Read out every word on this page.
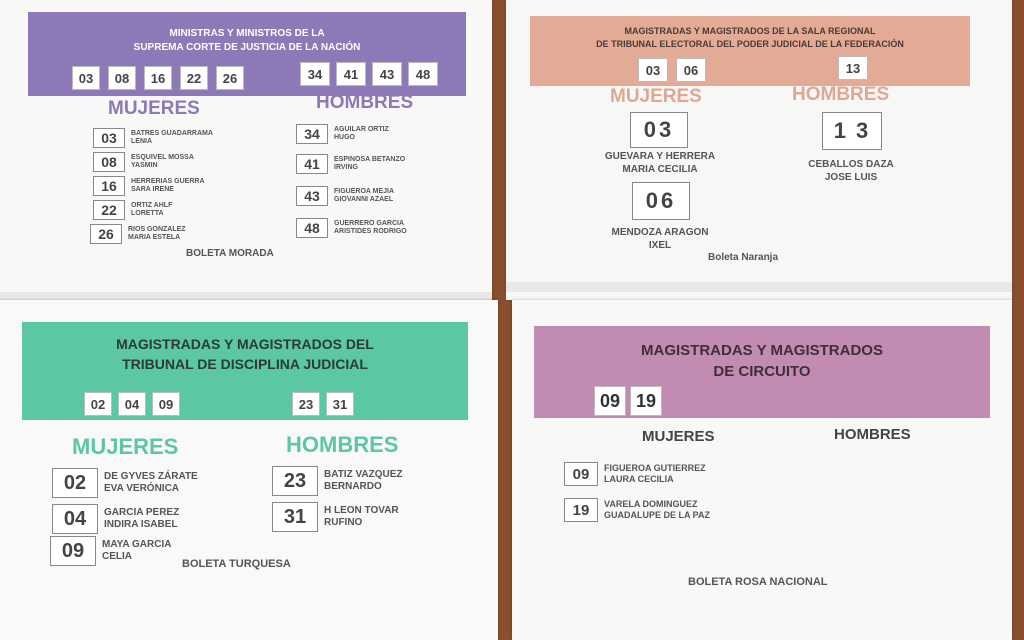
MINISTRAS Y MINISTROS DE LA
SUPREMA CORTE DE JUSTICIA DE LA NACIÓN
03	08	16	22	26	34	41	43	48
MUJERES	HOMBRES
03	BATRES GUADARRAMA
LENIA
08	ESQUIVEL MOSSA
YASMIN
16	HERRERIAS GUERRA
SARA IRENE
22	ORTIZ AHLF
LORETTA
26	RIOS GONZALEZ
MARIA ESTELA
34	AGUILAR ORTIZ
HUGO
41	ESPINOSA BETANZO
IRVING
43	FIGUEROA MEJIA
GIOVANNI AZAEL
48	GUERRERO GARCIA
ARISTIDES RODRIGO
BOLETA MORADA
MAGISTRADAS Y MAGISTRADOS DE LA SALA REGIONAL
DE TRIBUNAL ELECTORAL DEL PODER JUDICIAL DE LA FEDERACIÓN
03	06	13
MUJERES	HOMBRES
03
GUEVARA Y HERRERA
MARIA CECILIA
06
MENDOZA ARAGON
IXEL
1 3
CEBALLOS DAZA
JOSE LUIS
Boleta Naranja
MAGISTRADAS Y MAGISTRADOS DEL
TRIBUNAL DE DISCIPLINA JUDICIAL
02	04	09	23	31
MUJERES	HOMBRES
02	DE GYVES ZÁRATE
EVA VERÓNICA
04	GARCIA PEREZ
INDIRA ISABEL
09	MAYA GARCIA
CELIA
23	BATIZ VAZQUEZ
BERNARDO
31	H LEON TOVAR
RUFINO
BOLETA TURQUESA
MAGISTRADAS Y MAGISTRADOS
DE CIRCUITO
09 19
MUJERES	HOMBRES
09	FIGUEROA GUTIERREZ
LAURA CECILIA
19	VARELA DOMINGUEZ
GUADALUPE DE LA PAZ
BOLETA ROSA NACIONAL
